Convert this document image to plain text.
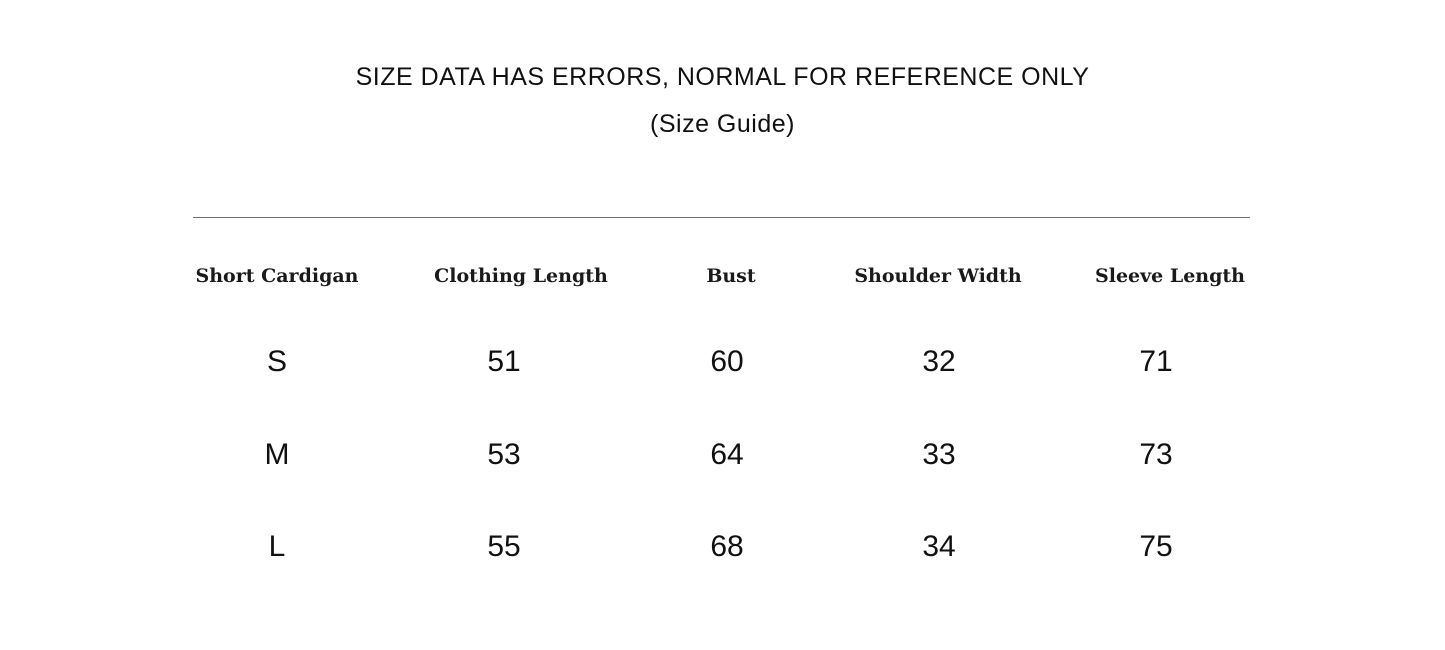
SIZE DATA HAS ERRORS, NORMAL FOR REFERENCE ONLY
(Size Guide)
Short Cardigan	Clothing Length	Bust	Shoulder Width	Sleeve Length
S	51	60	32	71
M	53	64	33	73
L	55	68	34	75
